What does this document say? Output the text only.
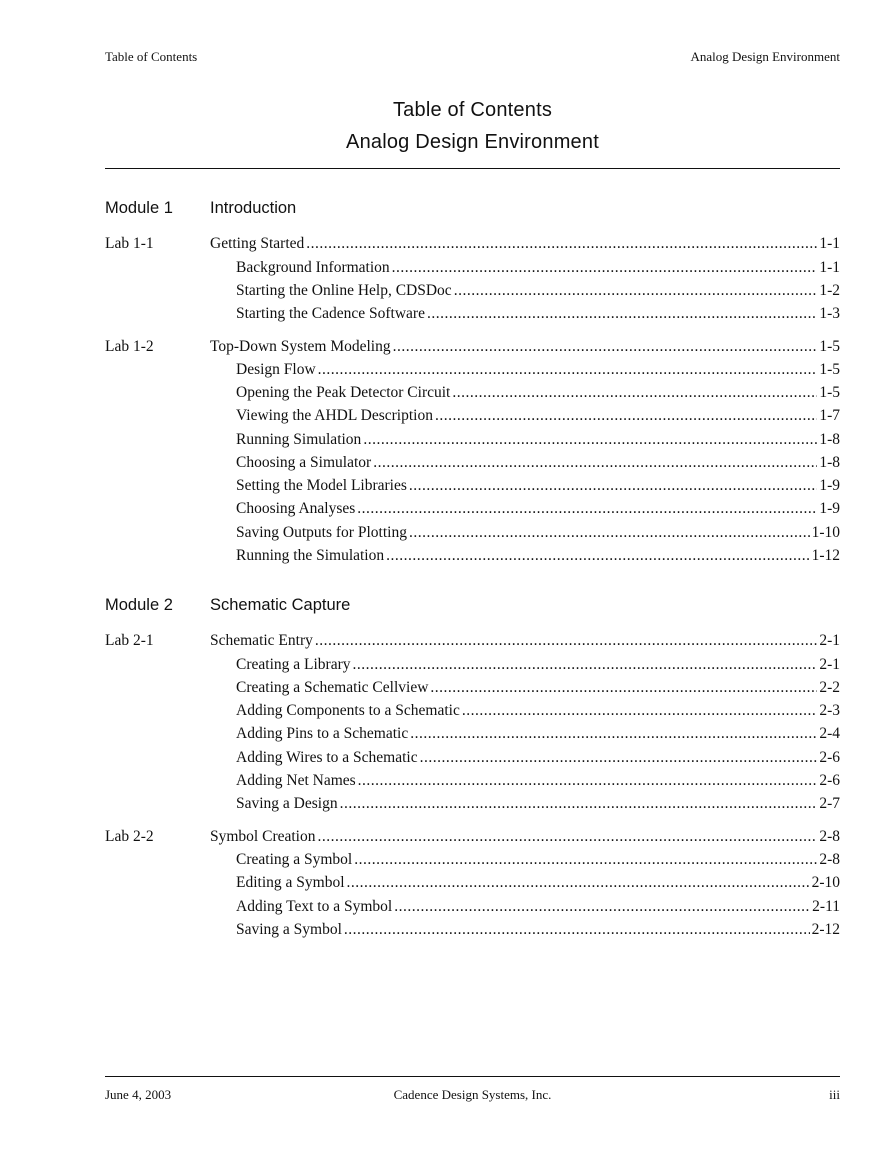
Table of Contents	Analog Design Environment
Table of Contents
Analog Design Environment
Module 1 Introduction
Lab 1-1	Getting Started .....	1-1
Background Information .....	1-1
Starting the Online Help, CDSDoc .....	1-2
Starting the Cadence Software .....	1-3
Lab 1-2	Top-Down System Modeling .....	1-5
Design Flow .....	1-5
Opening the Peak Detector Circuit .....	1-5
Viewing the AHDL Description .....	1-7
Running Simulation .....	1-8
Choosing a Simulator .....	1-8
Setting the Model Libraries .....	1-9
Choosing Analyses .....	1-9
Saving Outputs for Plotting .....	1-10
Running the Simulation .....	1-12
Module 2 Schematic Capture
Lab 2-1	Schematic Entry .....	2-1
Creating a Library .....	2-1
Creating a Schematic Cellview .....	2-2
Adding Components to a Schematic .....	2-3
Adding Pins to a Schematic .....	2-4
Adding Wires to a Schematic .....	2-6
Adding Net Names .....	2-6
Saving a Design .....	2-7
Lab 2-2	Symbol Creation .....	2-8
Creating a Symbol .....	2-8
Editing a Symbol .....	2-10
Adding Text to a Symbol .....	2-11
Saving a Symbol .....	2-12
June 4, 2003	Cadence Design Systems, Inc.	iii
